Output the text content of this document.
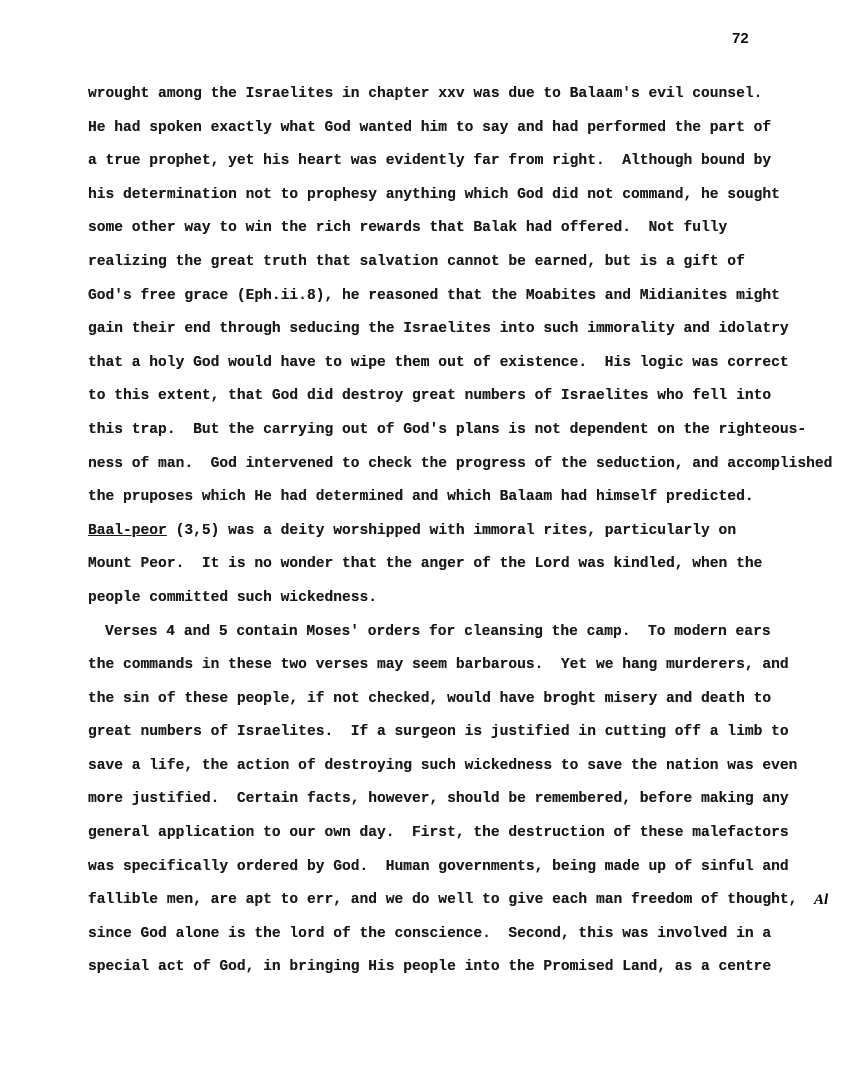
72
wrought among the Israelites in chapter xxv was due to Balaam's evil counsel.
He had spoken exactly what God wanted him to say and had performed the part of
a true prophet, yet his heart was evidently far from right.  Although bound by
his determination not to prophesy anything which God did not command, he sought
some other way to win the rich rewards that Balak had offered.  Not fully
realizing the great truth that salvation cannot be earned, but is a gift of
God's free grace (Eph.ii.8), he reasoned that the Moabites and Midianites might
gain their end through seducing the Israelites into such immorality and idolatry
that a holy God would have to wipe them out of existence.  His logic was correct
to this extent, that God did destroy great numbers of Israelites who fell into
this trap.  But the carrying out of God's plans is not dependent on the righteous-
ness of man.  God intervened to check the progress of the seduction, and accomplished
the pruposes which He had determined and which Balaam had himself predicted.
Baal-peor (3,5) was a deity worshipped with immoral rites, particularly on
Mount Peor.  It is no wonder that the anger of the Lord was kindled, when the
people committed such wickedness.
Verses 4 and 5 contain Moses' orders for cleansing the camp.  To modern ears
the commands in these two verses may seem barbarous.  Yet we hang murderers, and
the sin of these people, if not checked, would have broght misery and death to
great numbers of Israelites.  If a surgeon is justified in cutting off a limb to
save a life, the action of destroying such wickedness to save the nation was even
more justified.  Certain facts, however, should be remembered, before making any
general application to our own day.  First, the destruction of these malefactors
was specifically ordered by God.  Human governments, being made up of sinful and
fallible men, are apt to err, and we do well to give each man freedom of thought,
since God alone is the lord of the conscience.  Second, this was involved in a
special act of God, in bringing His people into the Promised Land, as a centre
Al
